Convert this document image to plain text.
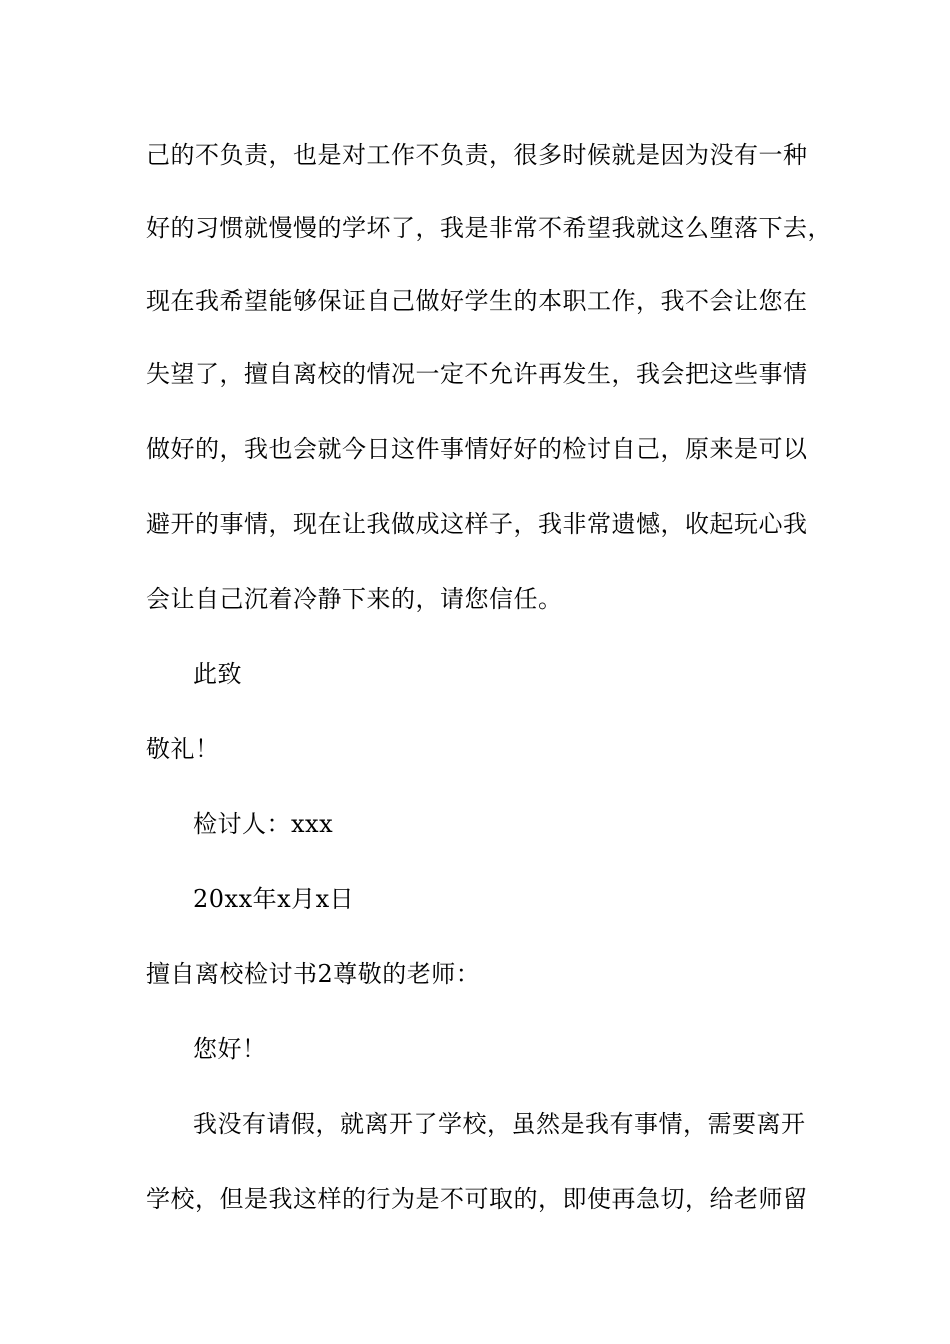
己的不负责，也是对工作不负责，很多时候就是因为没有一种
好的习惯就慢慢的学坏了，我是非常不希望我就这么堕落下去，
现在我希望能够保证自己做好学生的本职工作，我不会让您在
失望了，擅自离校的情况一定不允许再发生，我会把这些事情
做好的，我也会就今日这件事情好好的检讨自己，原来是可以
避开的事情，现在让我做成这样子，我非常遗憾，收起玩心我
会让自己沉着冷静下来的，请您信任。
此致
敬礼！
检讨人：xxx
20xx年x月x日
擅自离校检讨书2尊敬的老师：
您好！
我没有请假，就离开了学校，虽然是我有事情，需要离开
学校，但是我这样的行为是不可取的，即使再急切，给老师留
